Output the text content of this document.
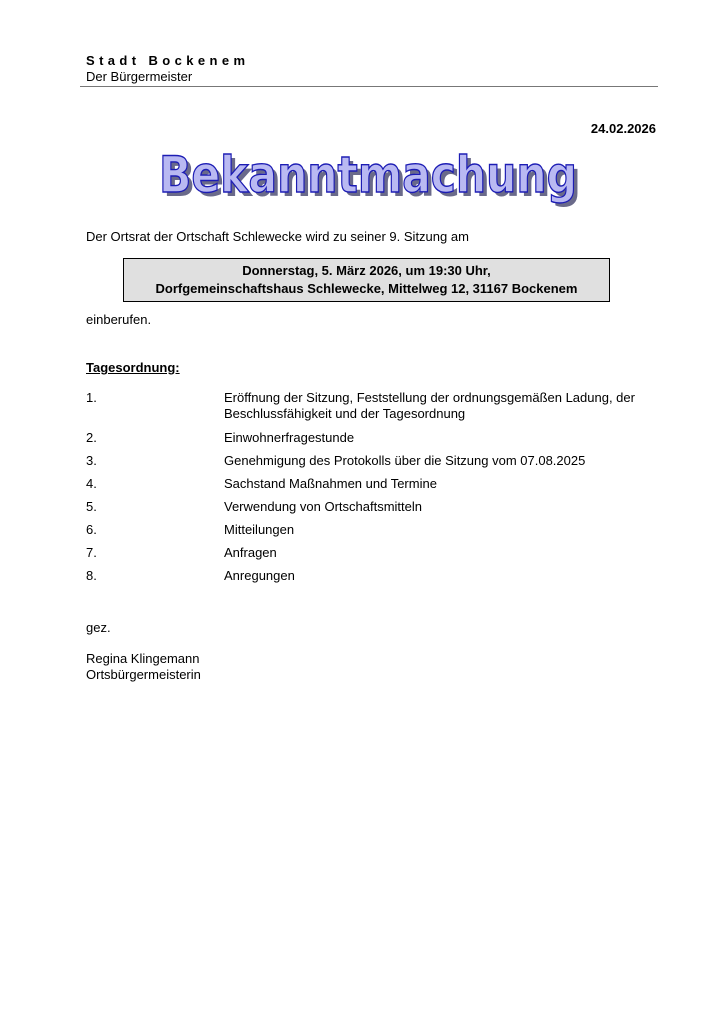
Stadt Bockenem
Der Bürgermeister
24.02.2026
Bekanntmachung
Bekanntmachung
Der Ortsrat der Ortschaft Schlewecke wird zu seiner 9. Sitzung am
Donnerstag, 5. März 2026, um 19:30 Uhr,
Dorfgemeinschaftshaus Schlewecke, Mittelweg 12, 31167 Bockenem
einberufen.
Tagesordnung:
1.	Eröffnung der Sitzung, Feststellung der ordnungsgemäßen Ladung, der Beschlussfähigkeit und der Tagesordnung
2.	Einwohnerfragestunde
3.	Genehmigung des Protokolls über die Sitzung vom 07.08.2025
4.	Sachstand Maßnahmen und Termine
5.	Verwendung von Ortschaftsmitteln
6.	Mitteilungen
7.	Anfragen
8.	Anregungen
gez.
Regina Klingemann
Ortsbürgermeisterin
